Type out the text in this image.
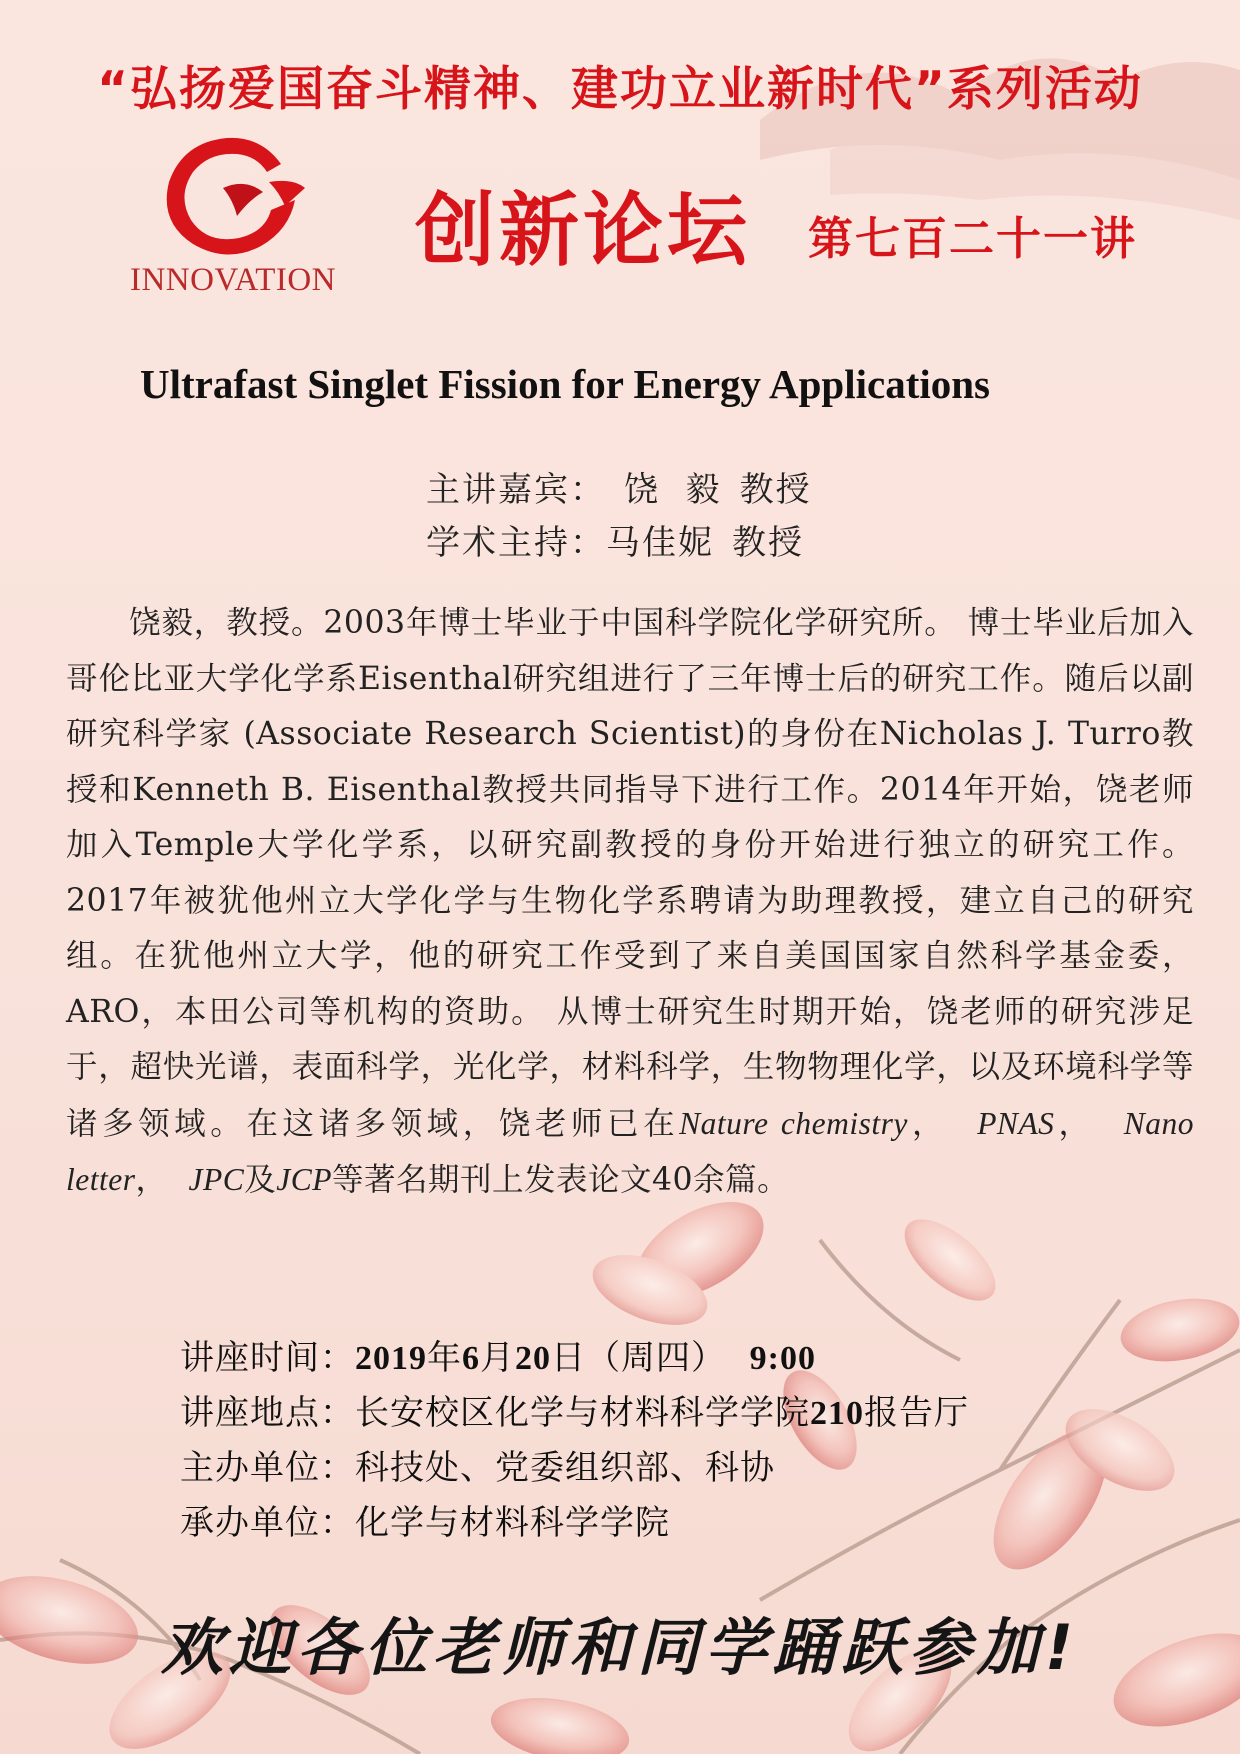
“弘扬爱国奋斗精神、建功立业新时代”系列活动
INNOVATION
创新论坛 第七百二十一讲
Ultrafast Singlet Fission for Energy Applications
主讲嘉宾： 饶  毅 教授
学术主持：马佳妮 教授
饶毅，教授。2003年博士毕业于中国科学院化学研究所。 博士毕业后加入哥伦比亚大学化学系Eisenthal研究组进行了三年博士后的研究工作。随后以副研究科学家 (Associate Research Scientist)的身份在Nicholas J. Turro教授和Kenneth B. Eisenthal教授共同指导下进行工作。2014年开始，饶老师加入Temple大学化学系，以研究副教授的身份开始进行独立的研究工作。2017年被犹他州立大学化学与生物化学系聘请为助理教授，建立自己的研究组。在犹他州立大学，他的研究工作受到了来自美国国家自然科学基金委，ARO，本田公司等机构的资助。 从博士研究生时期开始，饶老师的研究涉足于，超快光谱，表面科学，光化学，材料科学，生物物理化学，以及环境科学等诸多领域。在这诸多领域，饶老师已在Nature chemistry，  PNAS，  Nano letter，  JPC及JCP等著名期刊上发表论文40余篇。
讲座时间：2019年6月20日（周四） 9:00
讲座地点：长安校区化学与材料科学学院210报告厅
主办单位：科技处、党委组织部、科协
承办单位：化学与材料科学学院
欢迎各位老师和同学踊跃参加!
